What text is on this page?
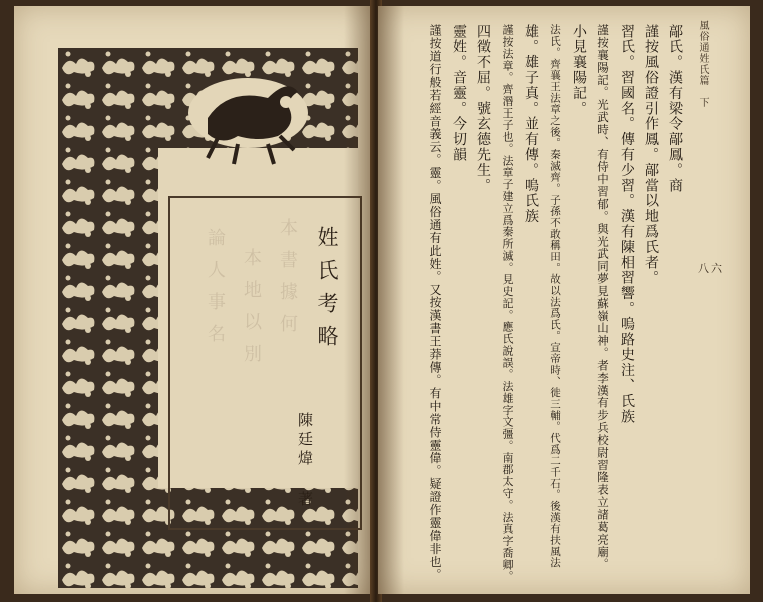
本書據何
本地以別
論人事名	姓氏考略
陳廷煒 著
風俗通姓氏篇　下
八六
鄗氏。漢有梁令鄗鳳。商
謹按風俗證引作鳳。鄗當以地爲氏者。
習氏。習國名。傳有少習。漢有陳相習響。嗚路史注、氏族
謹按襄陽記。光武時、有侍中習郁。與光武同夢見蘇嶺山神。者李漢有步兵校尉習隆表立諸葛亮廟。
小見襄陽記。
法氏。齊襄王法章之後。秦滅齊。子孫不敢稱田。故以法爲氏。宣帝時、徙三輔。代爲二千石。後漢有扶風法
雄。雄子真。並有傳。嗚氏族
謹按法章。齊湣王子也。法章子建立爲秦所滅。見史記。應氏說誤。法雄字文彊。南郡太守。法真字喬卿。
四徵不屈。號玄德先生。
靈姓。音靈。今切韻
謹按道行般若經音義云。靈。風俗通有此姓。又按漢書王莽傳。有中常侍靈偉。疑證作靈偉非也。
